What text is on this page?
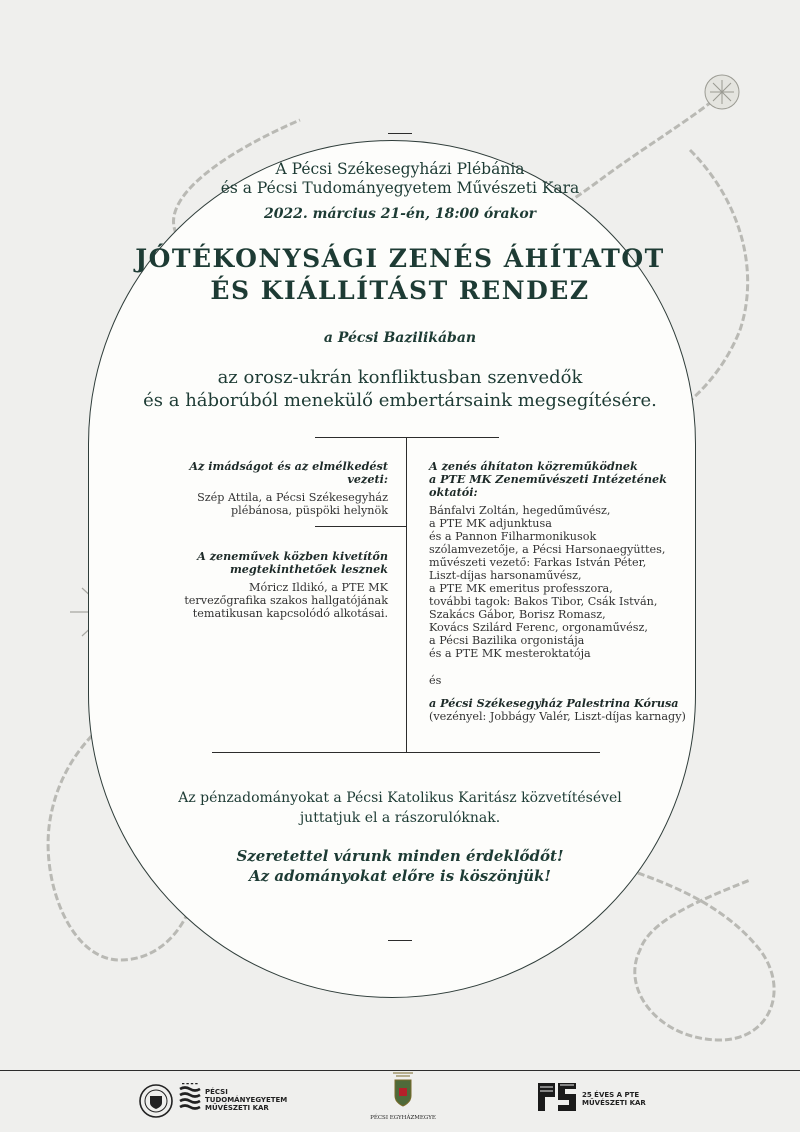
A Pécsi Székesegyházi Plébánia
és a Pécsi Tudományegyetem Művészeti Kara
2022. március 21-én, 18:00 órakor
JÓTÉKONYSÁGI ZENÉS ÁHÍTATOT
ÉS KIÁLLÍTÁST RENDEZ
a Pécsi Bazilikában
az orosz-ukrán konfliktusban szenvedők
és a háborúból menekülő embertársaink megsegítésére.
Az imádságot és az elmélkedést vezeti:
Szép Attila, a Pécsi Székesegyház
plébánosa, püspöki helynök
A zeneművek közben kivetítőn
megtekinthetőek lesznek
Móricz Ildikó, a PTE MK
tervezőgrafika szakos hallgatójának
tematikusan kapcsolódó alkotásai.
A zenés áhítaton közreműködnek
a PTE MK Zeneművészeti Intézetének oktatói:
Bánfalvi Zoltán, hegedűművész,
a PTE MK adjunktusa
és a Pannon Filharmonikusok
szólamvezetője, a Pécsi Harsonaegyüttes,
művészeti vezető: Farkas István Péter,
Liszt-díjas harsonaművész,
a PTE MK emeritus professzora,
további tagok: Bakos Tibor, Csák István,
Szakács Gábor, Borisz Romasz,
Kovács Szilárd Ferenc, orgonaművész,
a Pécsi Bazilika orgonistája
és a PTE MK mesteroktatója
és
a Pécsi Székesegyház Palestrina Kórusa
(vezényel: Jobbágy Valér, Liszt-díjas karnagy)
Az pénzadományokat a Pécsi Katolikus Karitász közvetítésével
juttatjuk el a rászorulóknak.
Szeretettel várunk minden érdeklődőt!
Az adományokat előre is köszönjük!
PÉCSI
TUDOMÁNYEGYETEM
MŰVÉSZETI KAR
PÉCSI EGYHÁZMEGYE
25 ÉVES A PTE
MŰVÉSZETI KAR
